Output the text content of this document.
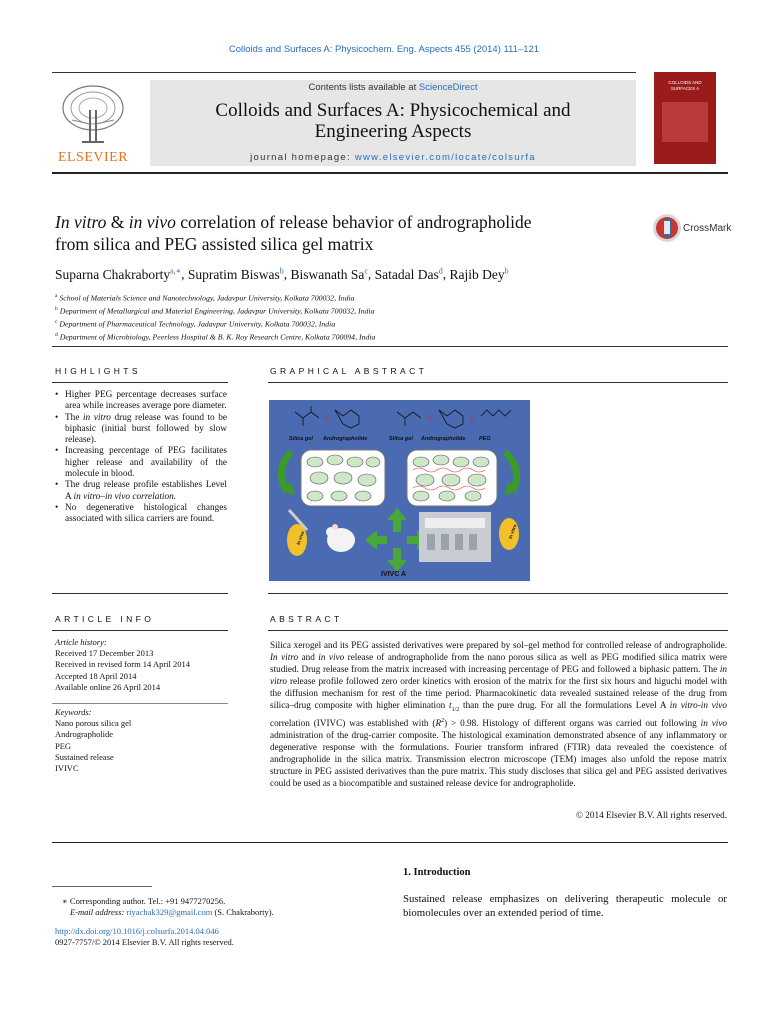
Colloids and Surfaces A: Physicochem. Eng. Aspects 455 (2014) 111–121
ELSEVIER
Contents lists available at ScienceDirect
Colloids and Surfaces A: Physicochemical and
Engineering Aspects
journal homepage: www.elsevier.com/locate/colsurfa
COLLOIDS AND SURFACES A
In vitro & in vivo correlation of release behavior of andrographolide
from silica and PEG assisted silica gel matrix
CrossMark
Suparna Chakraborty$^{a,∗}$, Supratim Biswas$^b$, Biswanath Sa$^c$, Satadal Das$^d$, Rajib Dey$^b$
$^a$ School of Materials Science and Nanotechnology, Jadavpur University, Kolkata 700032, India
$^b$ Department of Metallurgical and Material Engineering, Jadavpur University, Kolkata 700032, India
$^c$ Department of Pharmaceutical Technology, Jadavpur University, Kolkata 700032, India
$^d$ Department of Microbiology, Peerless Hospital & B. K. Roy Research Centre, Kolkata 700094, India
HIGHLIGHTS
• Higher PEG percentage decreases surface area while increases average pore diameter.
• The in vitro drug release was found to be biphasic (initial burst followed by slow release).
• Increasing percentage of PEG facilitates higher release and availability of the molecule in blood.
• The drug release profile establishes Level A in vitro–in vivo correlation.
• No degenerative histological changes associated with silica carriers are found.
GRAPHICAL ABSTRACT
+	+	+
Silica gel Andrographolide	Silica gel Andrographolide PEG
In vivo	In vitro
IVIVC A
ARTICLE INFO
Article history:
Received 17 December 2013
Received in revised form 14 April 2014
Accepted 18 April 2014
Available online 26 April 2014
Keywords:
Nano porous silica gel
Andrographolide
PEG
Sustained release
IVIVC
ABSTRACT
Silica xerogel and its PEG assisted derivatives were prepared by sol–gel method for controlled release of andrographolide. In vitro and in vivo release of andrographolide from the nano porous silica as well as PEG modified silica matrix were studied. Drug release from the matrix increased with increasing percentage of PEG and followed a biphasic pattern. The in vitro release profile followed zero order kinetics with erosion of the matrix for the first six hours and higuchi model with the diffusion mechanism for rest of the time period. Pharmacokinetic data revealed sustained release of the drug from silica–drug composite with higher elimination $t_{1/2}$ than the pure drug. For all the formulations Level A in vitro-in vivo correlation (IVIVC) was established with $(R^2) > 0.98$. Histology of different organs was carried out following in vivo administration of the drug-carrier composite. The histological examination demonstrated absence of any inflammatory or degenerative response with the formulations. Fourier transform infrared (FTIR) data revealed the coexistence of andrographolide in the silica matrix. Transmission electron microscope (TEM) images also unfold the repose matrix structure in PEG assisted derivatives than the pure matrix. This study discloses that silica gel and PEG assisted derivatives could be used as a biocompatible and sustained release device for andrographolide.
© 2014 Elsevier B.V. All rights reserved.
1. Introduction
Sustained release emphasizes on delivering therapeutic molecule or biomolecules over an extended period of time.
∗ Corresponding author. Tel.: +91 9477270256.
E-mail address: riyachak329@gmail.com (S. Chakraborty).
http://dx.doi.org/10.1016/j.colsurfa.2014.04.046
0927-7757/© 2014 Elsevier B.V. All rights reserved.
